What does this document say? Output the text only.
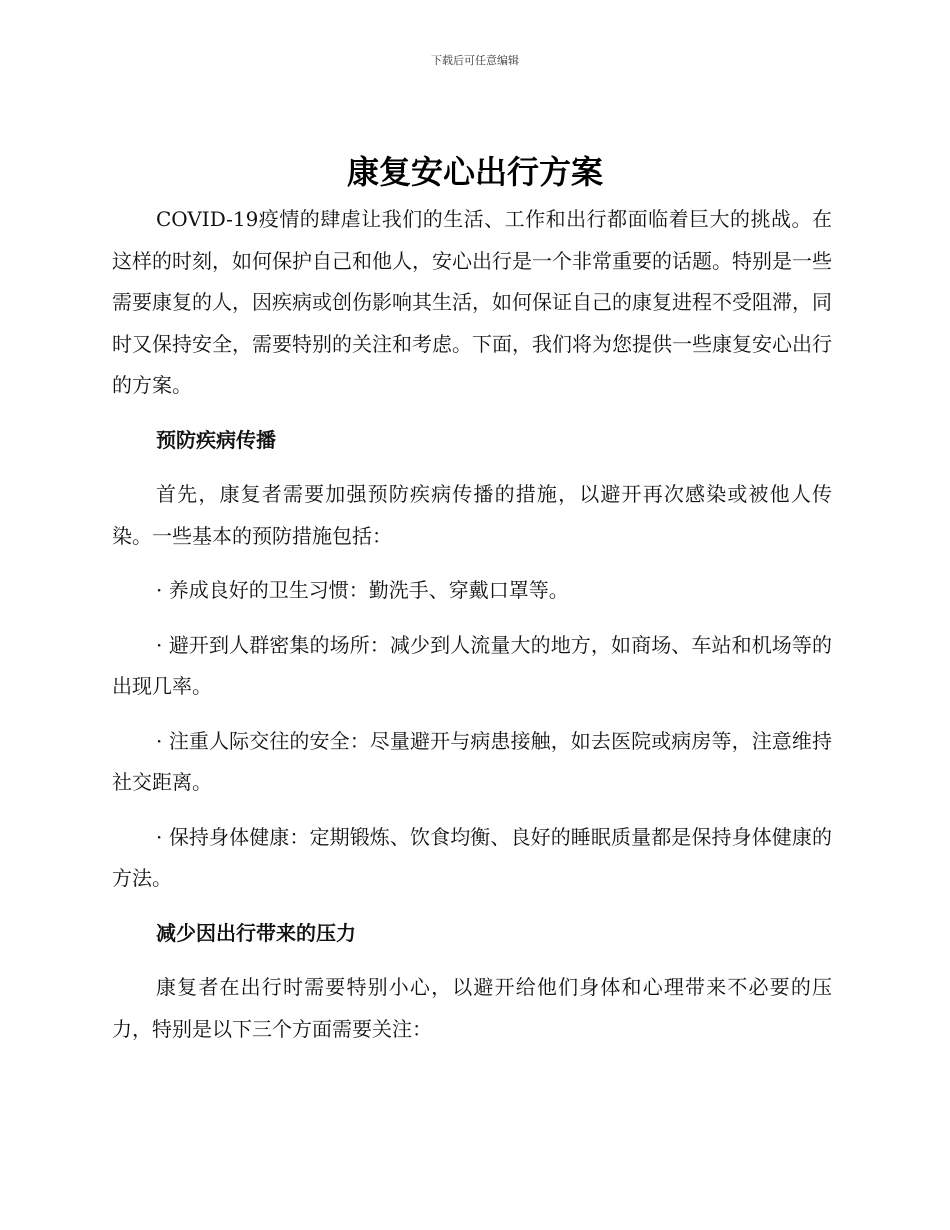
下载后可任意编辑
康复安心出行方案

COVID-19疫情的肆虐让我们的生活、工作和出行都面临着巨大的挑战。在这样的时刻，如何保护自己和他人，安心出行是一个非常重要的话题。特别是一些需要康复的人，因疾病或创伤影响其生活，如何保证自己的康复进程不受阻滞，同时又保持安全，需要特别的关注和考虑。下面，我们将为您提供一些康复安心出行的方案。

预防疾病传播

首先，康复者需要加强预防疾病传播的措施，以避开再次感染或被他人传染。一些基本的预防措施包括：

· 养成良好的卫生习惯：勤洗手、穿戴口罩等。

· 避开到人群密集的场所：减少到人流量大的地方，如商场、车站和机场等的出现几率。

· 注重人际交往的安全：尽量避开与病患接触，如去医院或病房等，注意维持社交距离。

· 保持身体健康：定期锻炼、饮食均衡、良好的睡眠质量都是保持身体健康的方法。

减少因出行带来的压力

康复者在出行时需要特别小心，以避开给他们身体和心理带来不必要的压力，特别是以下三个方面需要关注：
